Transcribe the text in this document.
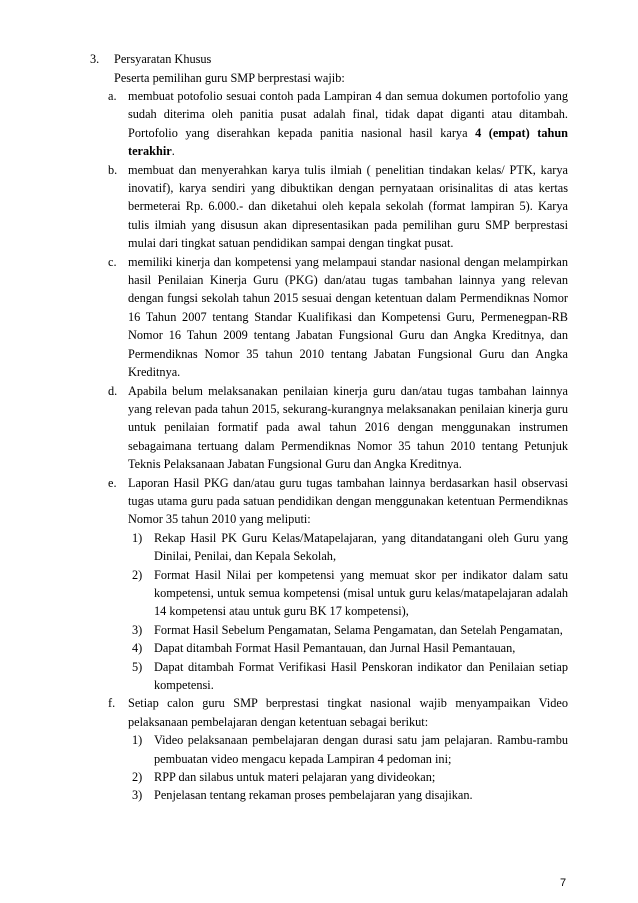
3. Persyaratan Khusus
Peserta pemilihan guru SMP berprestasi wajib:
a. membuat potofolio sesuai contoh pada Lampiran 4 dan semua dokumen portofolio yang sudah diterima oleh panitia pusat adalah final, tidak dapat diganti atau ditambah. Portofolio yang diserahkan kepada panitia nasional hasil karya 4 (empat) tahun terakhir.
b. membuat dan menyerahkan karya tulis ilmiah ( penelitian tindakan kelas/ PTK, karya inovatif), karya sendiri yang dibuktikan dengan pernyataan orisinalitas di atas kertas bermeterai Rp. 6.000.- dan diketahui oleh kepala sekolah (format lampiran 5). Karya tulis ilmiah yang disusun akan dipresentasikan pada pemilihan guru SMP berprestasi mulai dari tingkat satuan pendidikan sampai dengan tingkat pusat.
c. memiliki kinerja dan kompetensi yang melampaui standar nasional dengan melampirkan hasil Penilaian Kinerja Guru (PKG) dan/atau tugas tambahan lainnya yang relevan dengan fungsi sekolah tahun 2015 sesuai dengan ketentuan dalam Permendiknas Nomor 16 Tahun 2007 tentang Standar Kualifikasi dan Kompetensi Guru, Permenegpan-RB Nomor 16 Tahun 2009 tentang Jabatan Fungsional Guru dan Angka Kreditnya, dan Permendiknas Nomor 35 tahun 2010 tentang Jabatan Fungsional Guru dan Angka Kreditnya.
d. Apabila belum melaksanakan penilaian kinerja guru dan/atau tugas tambahan lainnya yang relevan pada tahun 2015, sekurang-kurangnya melaksanakan penilaian kinerja guru untuk penilaian formatif pada awal tahun 2016 dengan menggunakan instrumen sebagaimana tertuang dalam Permendiknas Nomor 35 tahun 2010 tentang Petunjuk Teknis Pelaksanaan Jabatan Fungsional Guru dan Angka Kreditnya.
e. Laporan Hasil PKG dan/atau guru tugas tambahan lainnya berdasarkan hasil observasi tugas utama guru pada satuan pendidikan dengan menggunakan ketentuan Permendiknas Nomor 35 tahun 2010 yang meliputi:
1) Rekap Hasil PK Guru Kelas/Matapelajaran, yang ditandatangani oleh Guru yang Dinilai, Penilai, dan Kepala Sekolah,
2) Format Hasil Nilai per kompetensi yang memuat skor per indikator dalam satu kompetensi, untuk semua kompetensi (misal untuk guru kelas/matapelajaran adalah 14 kompetensi atau untuk guru BK 17 kompetensi),
3) Format Hasil Sebelum Pengamatan, Selama Pengamatan, dan Setelah Pengamatan,
4) Dapat ditambah Format Hasil Pemantauan, dan Jurnal Hasil Pemantauan,
5) Dapat ditambah Format Verifikasi Hasil Penskoran indikator dan Penilaian setiap kompetensi.
f. Setiap calon guru SMP berprestasi tingkat nasional wajib menyampaikan Video pelaksanaan pembelajaran dengan ketentuan sebagai berikut:
1) Video pelaksanaan pembelajaran dengan durasi satu jam pelajaran. Rambu-rambu pembuatan video mengacu kepada Lampiran 4 pedoman ini;
2) RPP dan silabus untuk materi pelajaran yang divideokan;
3) Penjelasan tentang rekaman proses pembelajaran yang disajikan.
7
